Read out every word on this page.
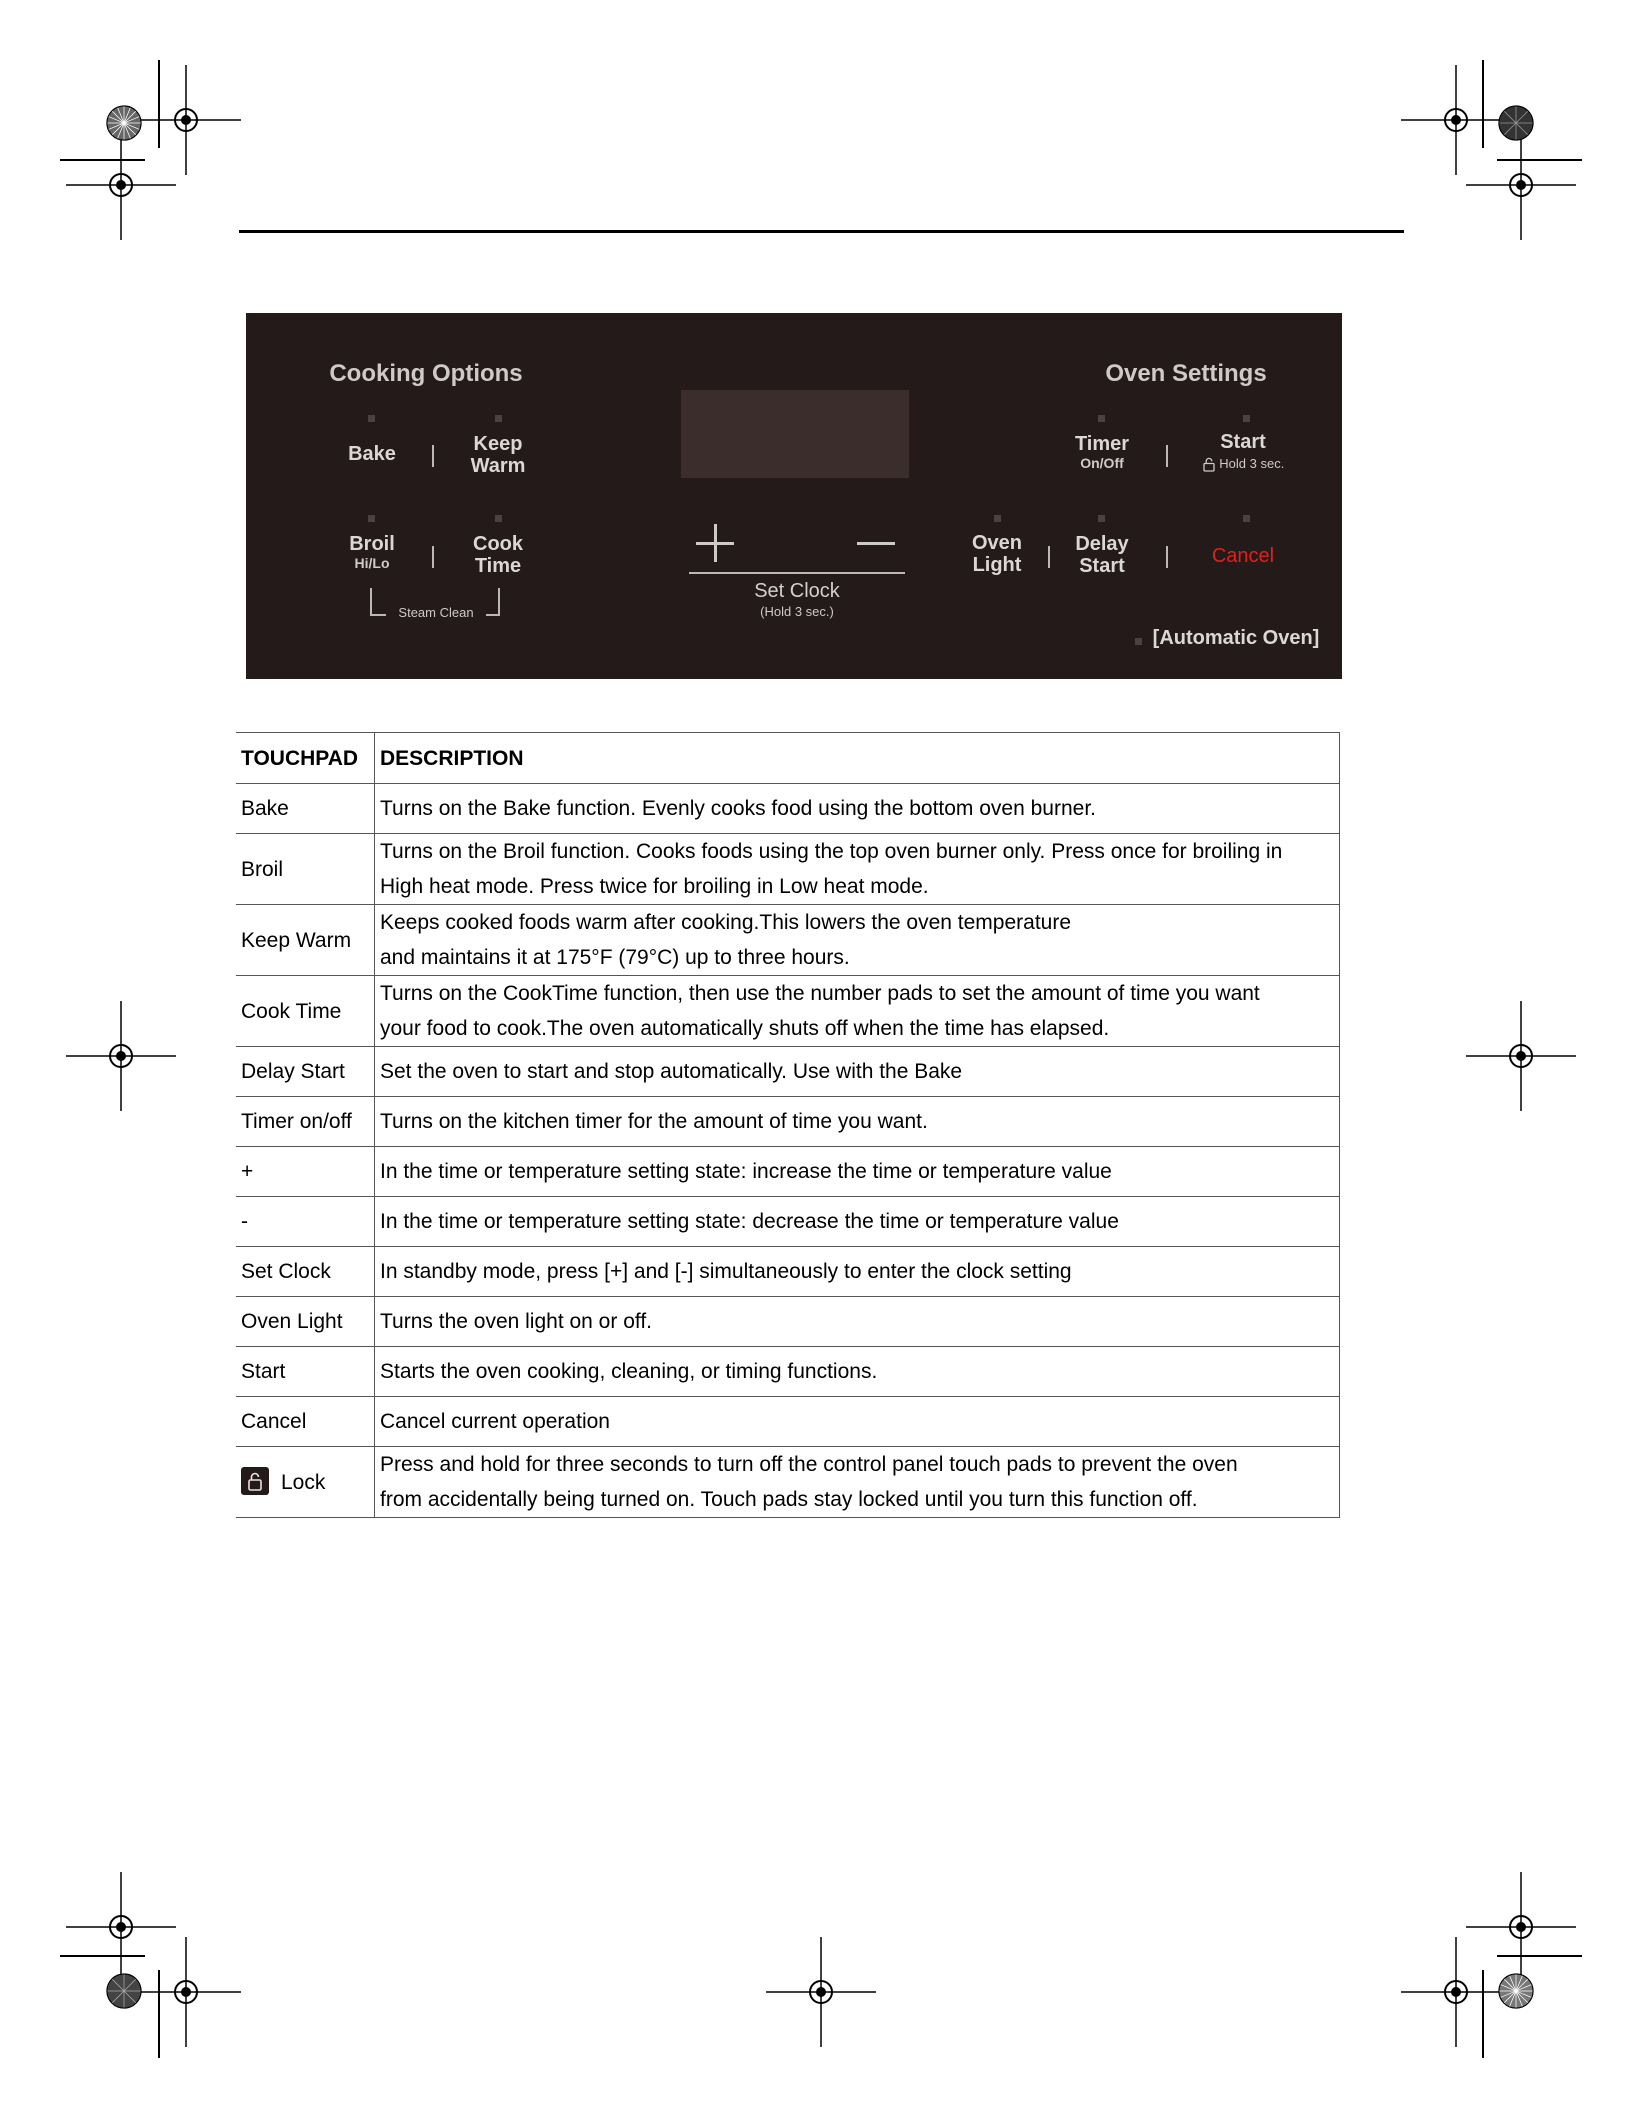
Cooking Options	Oven Settings
Bake	Keep
Warm
Broil
Hi/Lo
Cook
Time
Steam Clean
Set Clock
(Hold 3 sec.)
Timer
On/Off
Start
Hold 3 sec.
Oven
Light
Delay
Start	Cancel
[Automatic Oven]
TOUCHPAD	DESCRIPTION
Bake	Turns on the Bake function. Evenly cooks food using the bottom oven burner.

Broil	Turns on the Broil function. Cooks foods using the top oven burner only. Press once for broiling in
High heat mode. Press twice for broiling in Low heat mode.

Keep Warm	Keeps cooked foods warm after cooking.This lowers the oven temperature
and maintains it at 175°F (79°C) up to three hours.

Cook Time	Turns on the CookTime function, then use the number pads to set the amount of time you want
your food to cook.The oven automatically shuts off when the time has elapsed.

Delay Start	Set the oven to start and stop automatically. Use with the Bake

Timer on/off	Turns on the kitchen timer for the amount of time you want.

+	In the time or temperature setting state: increase the time or temperature value

-	In the time or temperature setting state: decrease the time or temperature value

Set Clock	In standby mode, press [+] and [-] simultaneously to enter the clock setting

Oven Light	Turns the oven light on or off.

Start	Starts the oven cooking, cleaning, or timing functions.

Cancel	Cancel current operation

Lock	Press and hold for three seconds to turn off the control panel touch pads to prevent the oven
from accidentally being turned on. Touch pads stay locked until you turn this function off.
